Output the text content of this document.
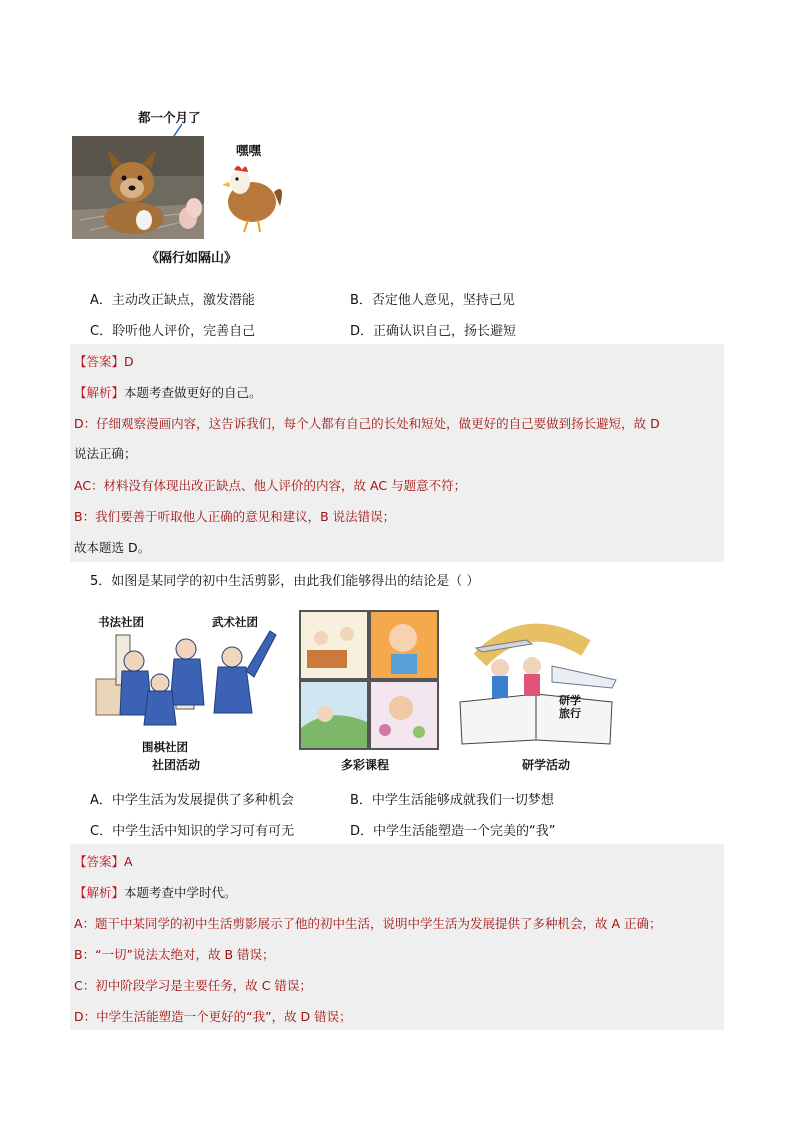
都一个月了
嘿嘿
《隔行如隔山》
A．主动改正缺点，激发潜能	B．否定他人意见，坚持己见
C．聆听他人评价，完善自己	D．正确认识自己，扬长避短
【答案】D
【解析】本题考查做更好的自己。
D：仔细观察漫画内容，这告诉我们，每个人都有自己的长处和短处，做更好的自己要做到扬长避短，故 D
说法正确；
AC：材料没有体现出改正缺点、他人评价的内容，故 AC 与题意不符；
B：我们要善于听取他人正确的意见和建议，B 说法错误；
故本题选 D。
5．如图是某同学的初中生活剪影，由此我们能够得出的结论是（ ）
书法社团	武术社团
围棋社团
社团活动	多彩课程
研学旅行
研学活动
A．中学生活为发展提供了多种机会	B．中学生活能够成就我们一切梦想
C．中学生活中知识的学习可有可无	D．中学生活能塑造一个完美的“我”
【答案】A
【解析】本题考查中学时代。
A：题干中某同学的初中生活剪影展示了他的初中生活，说明中学生活为发展提供了多种机会，故 A 正确；
B：“一切”说法太绝对，故 B 错误；
C：初中阶段学习是主要任务，故 C 错误；
D：中学生活能塑造一个更好的“我”，故 D 错误；
